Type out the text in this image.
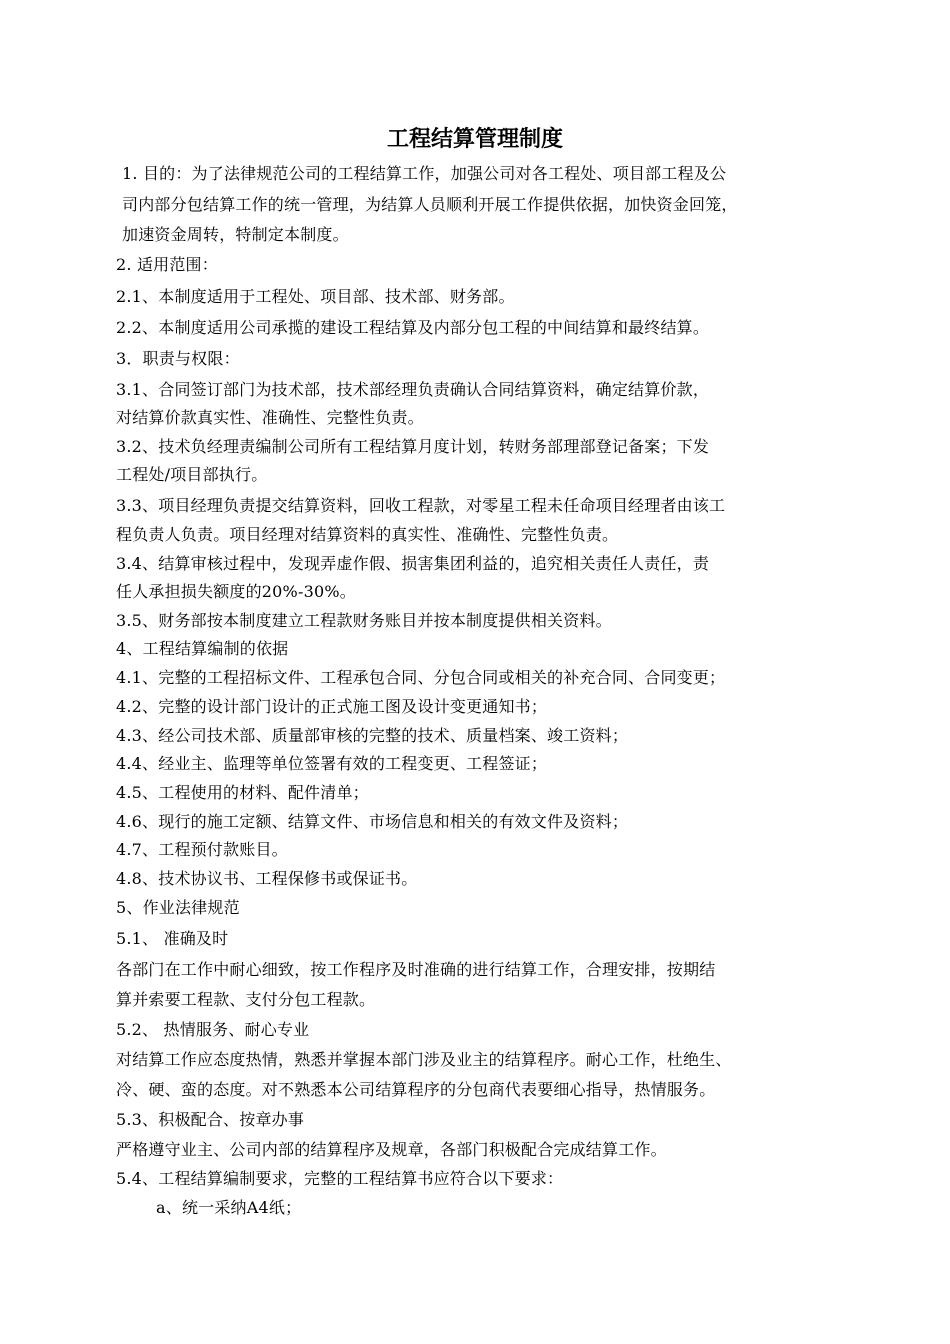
工程结算管理制度

1. 目的：为了法律规范公司的工程结算工作，加强公司对各工程处、项目部工程及公

司内部分包结算工作的统一管理，为结算人员顺利开展工作提供依据，加快资金回笼，

加速资金周转，特制定本制度。

2. 适用范围：

2.1、本制度适用于工程处、项目部、技术部、财务部。

2.2、本制度适用公司承揽的建设工程结算及内部分包工程的中间结算和最终结算。

3．职责与权限：

3.1、合同签订部门为技术部，技术部经理负责确认合同结算资料，确定结算价款，

对结算价款真实性、准确性、完整性负责。

3.2、技术负经理责编制公司所有工程结算月度计划，转财务部理部登记备案；下发

工程处/项目部执行。

3.3、项目经理负责提交结算资料，回收工程款，对零星工程未任命项目经理者由该工

程负责人负责。项目经理对结算资料的真实性、准确性、完整性负责。

3.4、结算审核过程中，发现弄虚作假、损害集团利益的，追究相关责任人责任，责

任人承担损失额度的20%-30%。

3.5、财务部按本制度建立工程款财务账目并按本制度提供相关资料。

4、工程结算编制的依据

4.1、完整的工程招标文件、工程承包合同、分包合同或相关的补充合同、合同变更；

4.2、完整的设计部门设计的正式施工图及设计变更通知书；

4.3、经公司技术部、质量部审核的完整的技术、质量档案、竣工资料；

4.4、经业主、监理等单位签署有效的工程变更、工程签证；

4.5、工程使用的材料、配件清单；

4.6、现行的施工定额、结算文件、市场信息和相关的有效文件及资料；

4.7、工程预付款账目。

4.8、技术协议书、工程保修书或保证书。

5、作业法律规范

5.1、 准确及时

各部门在工作中耐心细致，按工作程序及时准确的进行结算工作，合理安排，按期结

算并索要工程款、支付分包工程款。

5.2、 热情服务、耐心专业

对结算工作应态度热情，熟悉并掌握本部门涉及业主的结算程序。耐心工作，杜绝生、

冷、硬、蛮的态度。对不熟悉本公司结算程序的分包商代表要细心指导，热情服务。

5.3、积极配合、按章办事

严格遵守业主、公司内部的结算程序及规章，各部门积极配合完成结算工作。

5.4、工程结算编制要求，完整的工程结算书应符合以下要求：

a、统一采纳A4纸；
